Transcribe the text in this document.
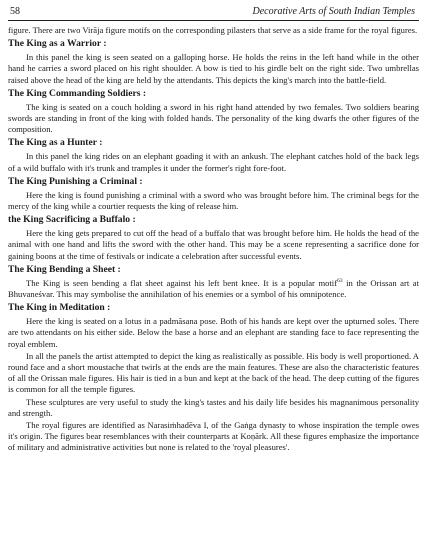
58	Decorative Arts of South Indian Temples

figure. There are two Virāja figure motifs on the corresponding pilasters that serve as a side frame for the royal figures.

The King as a Warrior :

In this panel the king is seen seated on a galloping horse. He holds the reins in the left hand while in the other hand he carries a sword placed on his right shoulder. A bow is tied to his girdle belt on the right side. Two umbrellas raised above the head of the king are held by the attendants. This depicts the king's march into the battle-field.

The King Commanding Soldiers :

The king is seated on a couch holding a sword in his right hand attended by two females. Two soldiers bearing swords are standing in front of the king with folded hands. The personality of the king dwarfs the other figures of the composition.

The King as a Hunter :

In this panel the king rides on an elephant goading it with an ankush. The elephant catches hold of the back legs of a wild buffalo with it's trunk and tramples it under the former's right fore-foot.

The King Punishing a Criminal :

Here the king is found punishing a criminal with a sword who was brought before him. The criminal begs for the mercy of the king while a courtier requests the king of release him.

the King Sacrificing a Buffalo :

Here the king gets prepared to cut off the head of a buffalo that was brought before him. He holds the head of the animal with one hand and lifts the sword with the other hand. This may be a scene representing a sacrifice done for gaining boons at the time of festivals or indicate a celebration after successful events.

The King Bending a Sheet :

The King is seen bending a flat sheet against his left bent knee. It is a popular motif$^{63}$ in the Orissan art at Bhuvaneśvar. This may symbolise the annihilation of his enemies or a symbol of his omnipotence.

The King in Meditation :

Here the king is seated on a lotus in a padmāsana pose. Both of his hands are kept over the upturned soles. There are two attendants on his either side. Below the base a horse and an elephant are standing face to face representing the royal emblem.

In all the panels the artist attempted to depict the king as realistically as possible. His body is well proportioned. A round face and a short moustache that twirls at the ends are the main features. These are also the characteristic features of all the Orissan male figures. His hair is tied in a bun and kept at the back of the head. The deep cutting of the figures is common for all the temple figures.

These sculptures are very useful to study the king's tastes and his daily life besides his magnanimous personality and strength.

The royal figures are identified as Narasiṁhadēva I, of the Gaṅga dynasty to whose inspiration the temple owes it's origin. The figures bear resemblances with their counterparts at Koṇārk. All these figures emphasize the importance of military and administrative activities but none is related to the 'royal pleasures'.
